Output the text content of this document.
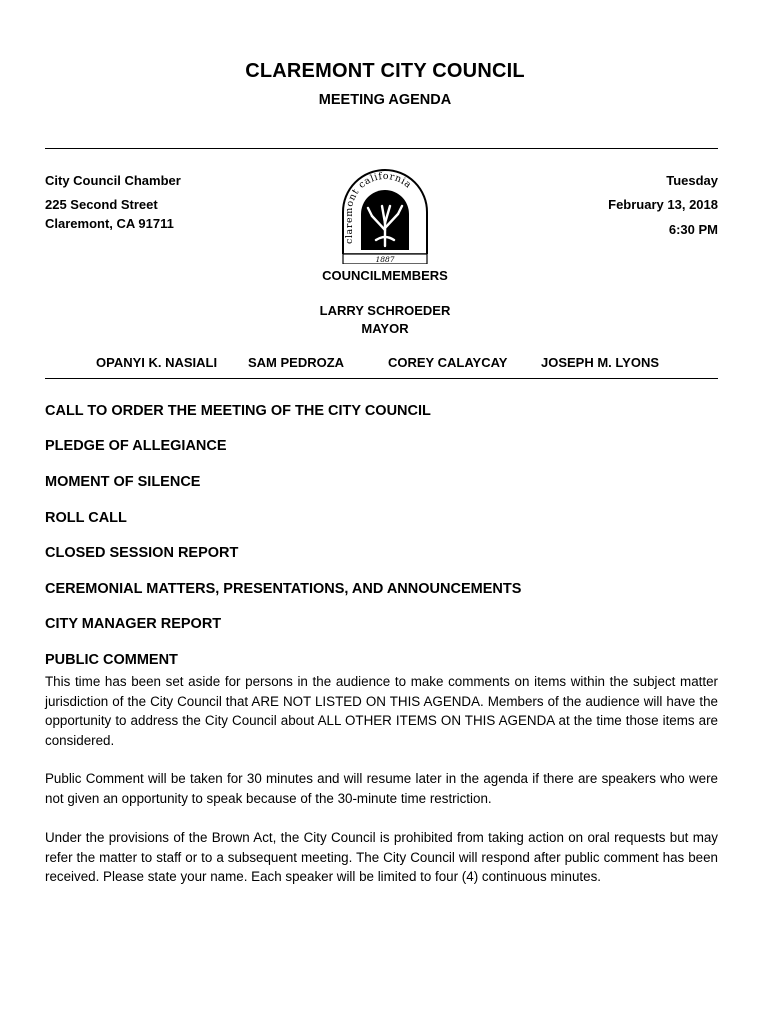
CLAREMONT CITY COUNCIL
MEETING AGENDA
City Council Chamber
225 Second Street
Claremont, CA 91711
Tuesday
February 13, 2018
6:30 PM
claremont california
1887
COUNCILMEMBERS
LARRY SCHROEDER
MAYOR
OPANYI K. NASIALI SAM PEDROZA	COREY CALAYCAY	JOSEPH M. LYONS
CALL TO ORDER THE MEETING OF THE CITY COUNCIL
PLEDGE OF ALLEGIANCE
MOMENT OF SILENCE
ROLL CALL
CLOSED SESSION REPORT
CEREMONIAL MATTERS, PRESENTATIONS, AND ANNOUNCEMENTS
CITY MANAGER REPORT
PUBLIC COMMENT
This time has been set aside for persons in the audience to make comments on items within the subject matter jurisdiction of the City Council that ARE NOT LISTED ON THIS AGENDA. Members of the audience will have the opportunity to address the City Council about ALL OTHER ITEMS ON THIS AGENDA at the time those items are considered.
Public Comment will be taken for 30 minutes and will resume later in the agenda if there are speakers who were not given an opportunity to speak because of the 30-minute time restriction.
Under the provisions of the Brown Act, the City Council is prohibited from taking action on oral requests but may refer the matter to staff or to a subsequent meeting. The City Council will respond after public comment has been received. Please state your name. Each speaker will be limited to four (4) continuous minutes.
